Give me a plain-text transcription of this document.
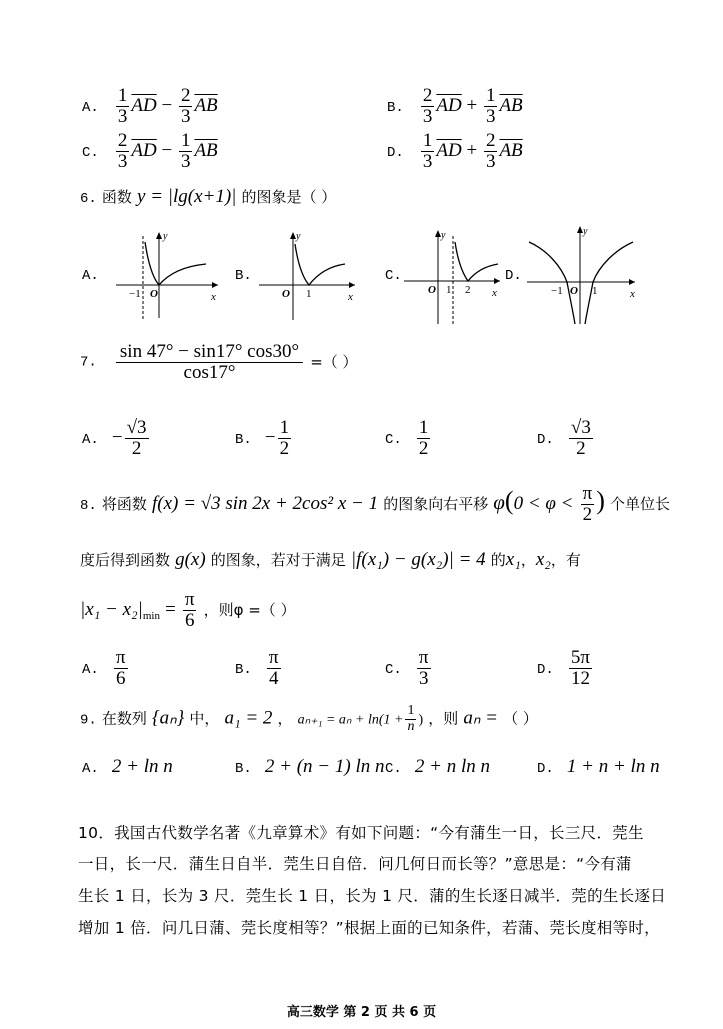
A. $\frac{1}{3} \overline{AD} - \frac{2}{3} \overline{AB}$	B. $\frac{2}{3} \overline{AD} + \frac{1}{3} \overline{AB}$
C. $\frac{2}{3} \overline{AD} - \frac{1}{3} \overline{AB}$	D. $\frac{1}{3} \overline{AD} + \frac{2}{3} \overline{AB}$
6. 函数 y = |lg(x+1)| 的图象是（ ）
A.	B.	C.	D.
y
x
O
−1
y
x
O 1
y
x
O 1 2
y
x
O
−1	1
7. $\frac{\sin 47^\circ - \sin 17^\circ \cos 30^\circ}{\cos 17^\circ}$ =（ ）
A. − $\frac{√3}{2}$	B. − $\frac{1}{2}$	C. $\frac{1}{2}$	D. $\frac{√3}{2}$
8. 将函数 f(x) = √3 sin 2x + 2cos² x − 1 的图象向右平移 $\varphi(0 < \varphi < \frac{\pi}{2}$ ) 个单位长
度后得到函数 g(x) 的图象，若对于满足 |f(x₁) − g(x₂)| = 4 的x₁，x₂，有
$|x_1 - x_2|_{min} = \frac{\pi}{6}$ ，则φ =（ ）
A. $\frac{\pi}{6}$	B. $\frac{\pi}{4}$	C. $\frac{\pi}{3}$	D. $\frac{5\pi}{12}$
9. 在数列 {aₙ} 中， a₁ = 2 ， $a_{n+1} = a_n + \ln(1 + \frac{1}{n}$ ) ，则 aₙ = （ ）
A. 2 + ln n	B. 2 + (n − 1) ln n C. 2 + n ln n	D. 1 + n + ln n
10．我国古代数学名著《九章算术》有如下问题：“今有蒲生一日，长三尺．莞生
一日，长一尺．蒲生日自半．莞生日自倍．问几何日而长等？”意思是：“今有蒲
生长 1 日，长为 3 尺．莞生长 1 日，长为 1 尺．蒲的生长逐日减半．莞的生长逐日
增加 1 倍．问几日蒲、莞长度相等？”根据上面的已知条件，若蒲、莞长度相等时，
高三数学 第 2 页 共 6 页
